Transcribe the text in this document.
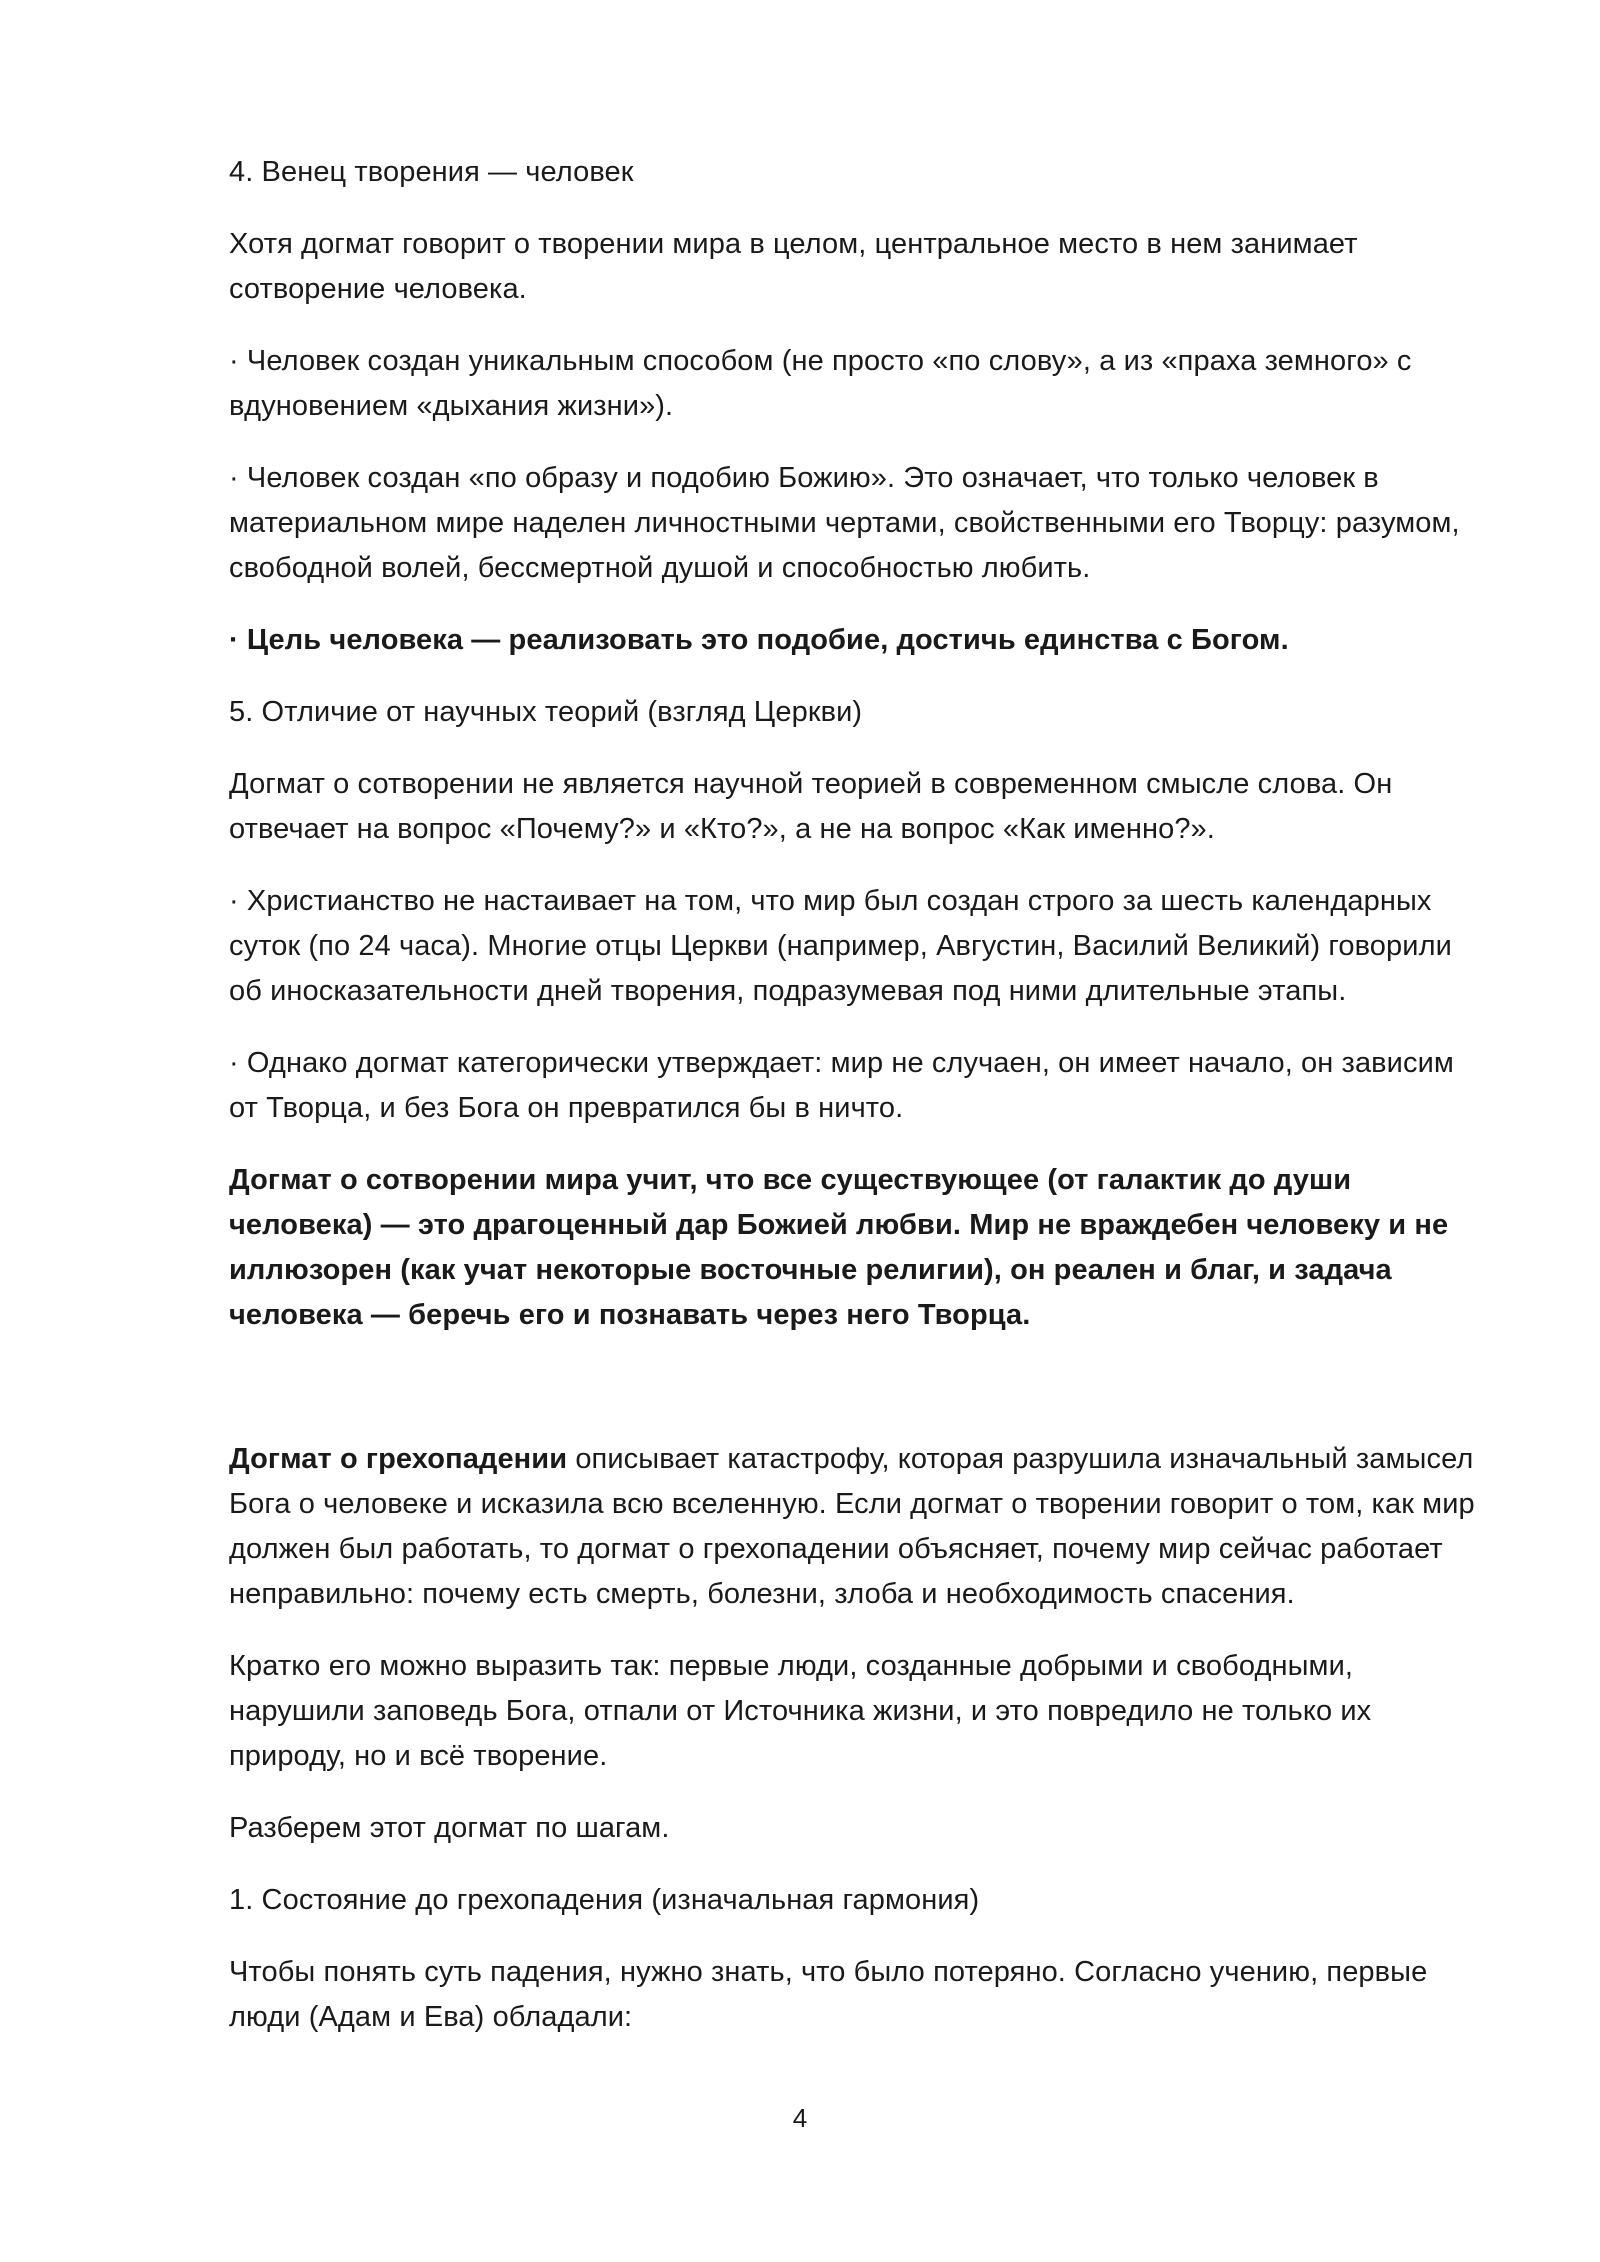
4. Венец творения — человек

Хотя догмат говорит о творении мира в целом, центральное место в нем занимает сотворение человека.

· Человек создан уникальным способом (не просто «по слову», а из «праха земного» с вдуновением «дыхания жизни»).

· Человек создан «по образу и подобию Божию». Это означает, что только человек в материальном мире наделен личностными чертами, свойственными его Творцу: разумом, свободной волей, бессмертной душой и способностью любить.

· Цель человека — реализовать это подобие, достичь единства с Богом.

5. Отличие от научных теорий (взгляд Церкви)

Догмат о сотворении не является научной теорией в современном смысле слова. Он отвечает на вопрос «Почему?» и «Кто?», а не на вопрос «Как именно?».

· Христианство не настаивает на том, что мир был создан строго за шесть календарных суток (по 24 часа). Многие отцы Церкви (например, Августин, Василий Великий) говорили об иносказательности дней творения, подразумевая под ними длительные этапы.

· Однако догмат категорически утверждает: мир не случаен, он имеет начало, он зависим от Творца, и без Бога он превратился бы в ничто.

Догмат о сотворении мира учит, что все существующее (от галактик до души человека) — это драгоценный дар Божией любви. Мир не враждебен человеку и не иллюзорен (как учат некоторые восточные религии), он реален и благ, и задача человека — беречь его и познавать через него Творца.

Догмат о грехопадении описывает катастрофу, которая разрушила изначальный замысел Бога о человеке и исказила всю вселенную. Если догмат о творении говорит о том, как мир должен был работать, то догмат о грехопадении объясняет, почему мир сейчас работает неправильно: почему есть смерть, болезни, злоба и необходимость спасения.

Кратко его можно выразить так: первые люди, созданные добрыми и свободными, нарушили заповедь Бога, отпали от Источника жизни, и это повредило не только их природу, но и всё творение.

Разберем этот догмат по шагам.

1. Состояние до грехопадения (изначальная гармония)

Чтобы понять суть падения, нужно знать, что было потеряно. Согласно учению, первые люди (Адам и Ева) обладали:

4
